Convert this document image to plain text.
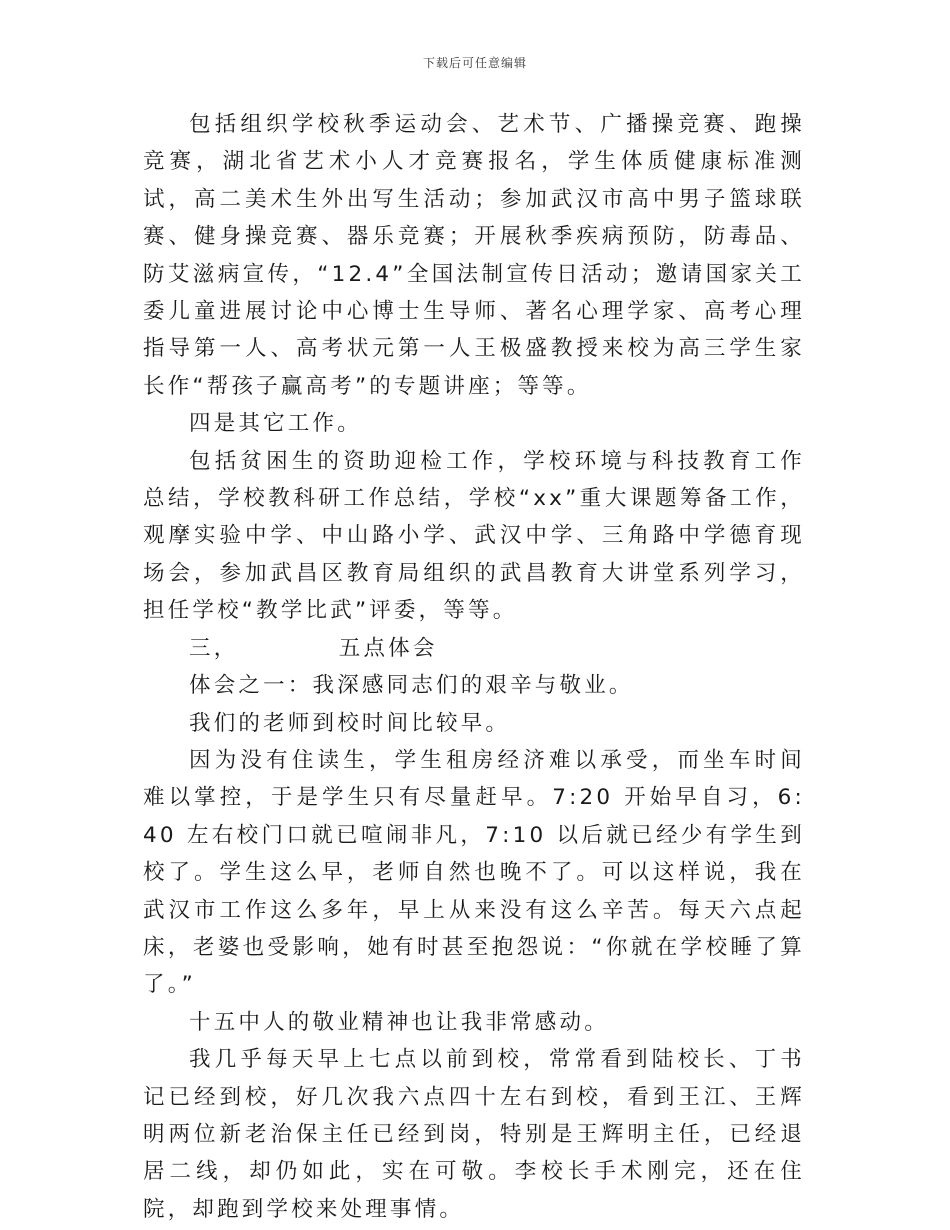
下载后可任意编辑

包括组织学校秋季运动会、艺术节、广播操竞赛、跑操竞赛，湖北省艺术小人才竞赛报名，学生体质健康标准测试，高二美术生外出写生活动；参加武汉市高中男子篮球联赛、健身操竞赛、器乐竞赛；开展秋季疾病预防，防毒品、防艾滋病宣传，“12.4”全国法制宣传日活动；邀请国家关工委儿童进展讨论中心博士生导师、著名心理学家、高考心理指导第一人、高考状元第一人王极盛教授来校为高三学生家长作“帮孩子赢高考”的专题讲座；等等。

四是其它工作。

包括贫困生的资助迎检工作，学校环境与科技教育工作总结，学校教科研工作总结，学校“xx”重大课题筹备工作，观摩实验中学、中山路小学、武汉中学、三角路中学德育现场会，参加武昌区教育局组织的武昌教育大讲堂系列学习，担任学校“教学比武”评委，等等。

三，          五点体会

体会之一：我深感同志们的艰辛与敬业。

我们的老师到校时间比较早。

因为没有住读生，学生租房经济难以承受，而坐车时间难以掌控，于是学生只有尽量赶早。7:20 开始早自习，6: 40 左右校门口就已喧闹非凡，7:10 以后就已经少有学生到校了。学生这么早，老师自然也晚不了。可以这样说，我在武汉市工作这么多年，早上从来没有这么辛苦。每天六点起床，老婆也受影响，她有时甚至抱怨说：“你就在学校睡了算了。”

十五中人的敬业精神也让我非常感动。

我几乎每天早上七点以前到校，常常看到陆校长、丁书记已经到校，好几次我六点四十左右到校，看到王江、王辉明两位新老治保主任已经到岗，特别是王辉明主任，已经退居二线，却仍如此，实在可敬。李校长手术刚完，还在住院，却跑到学校来处理事情。
